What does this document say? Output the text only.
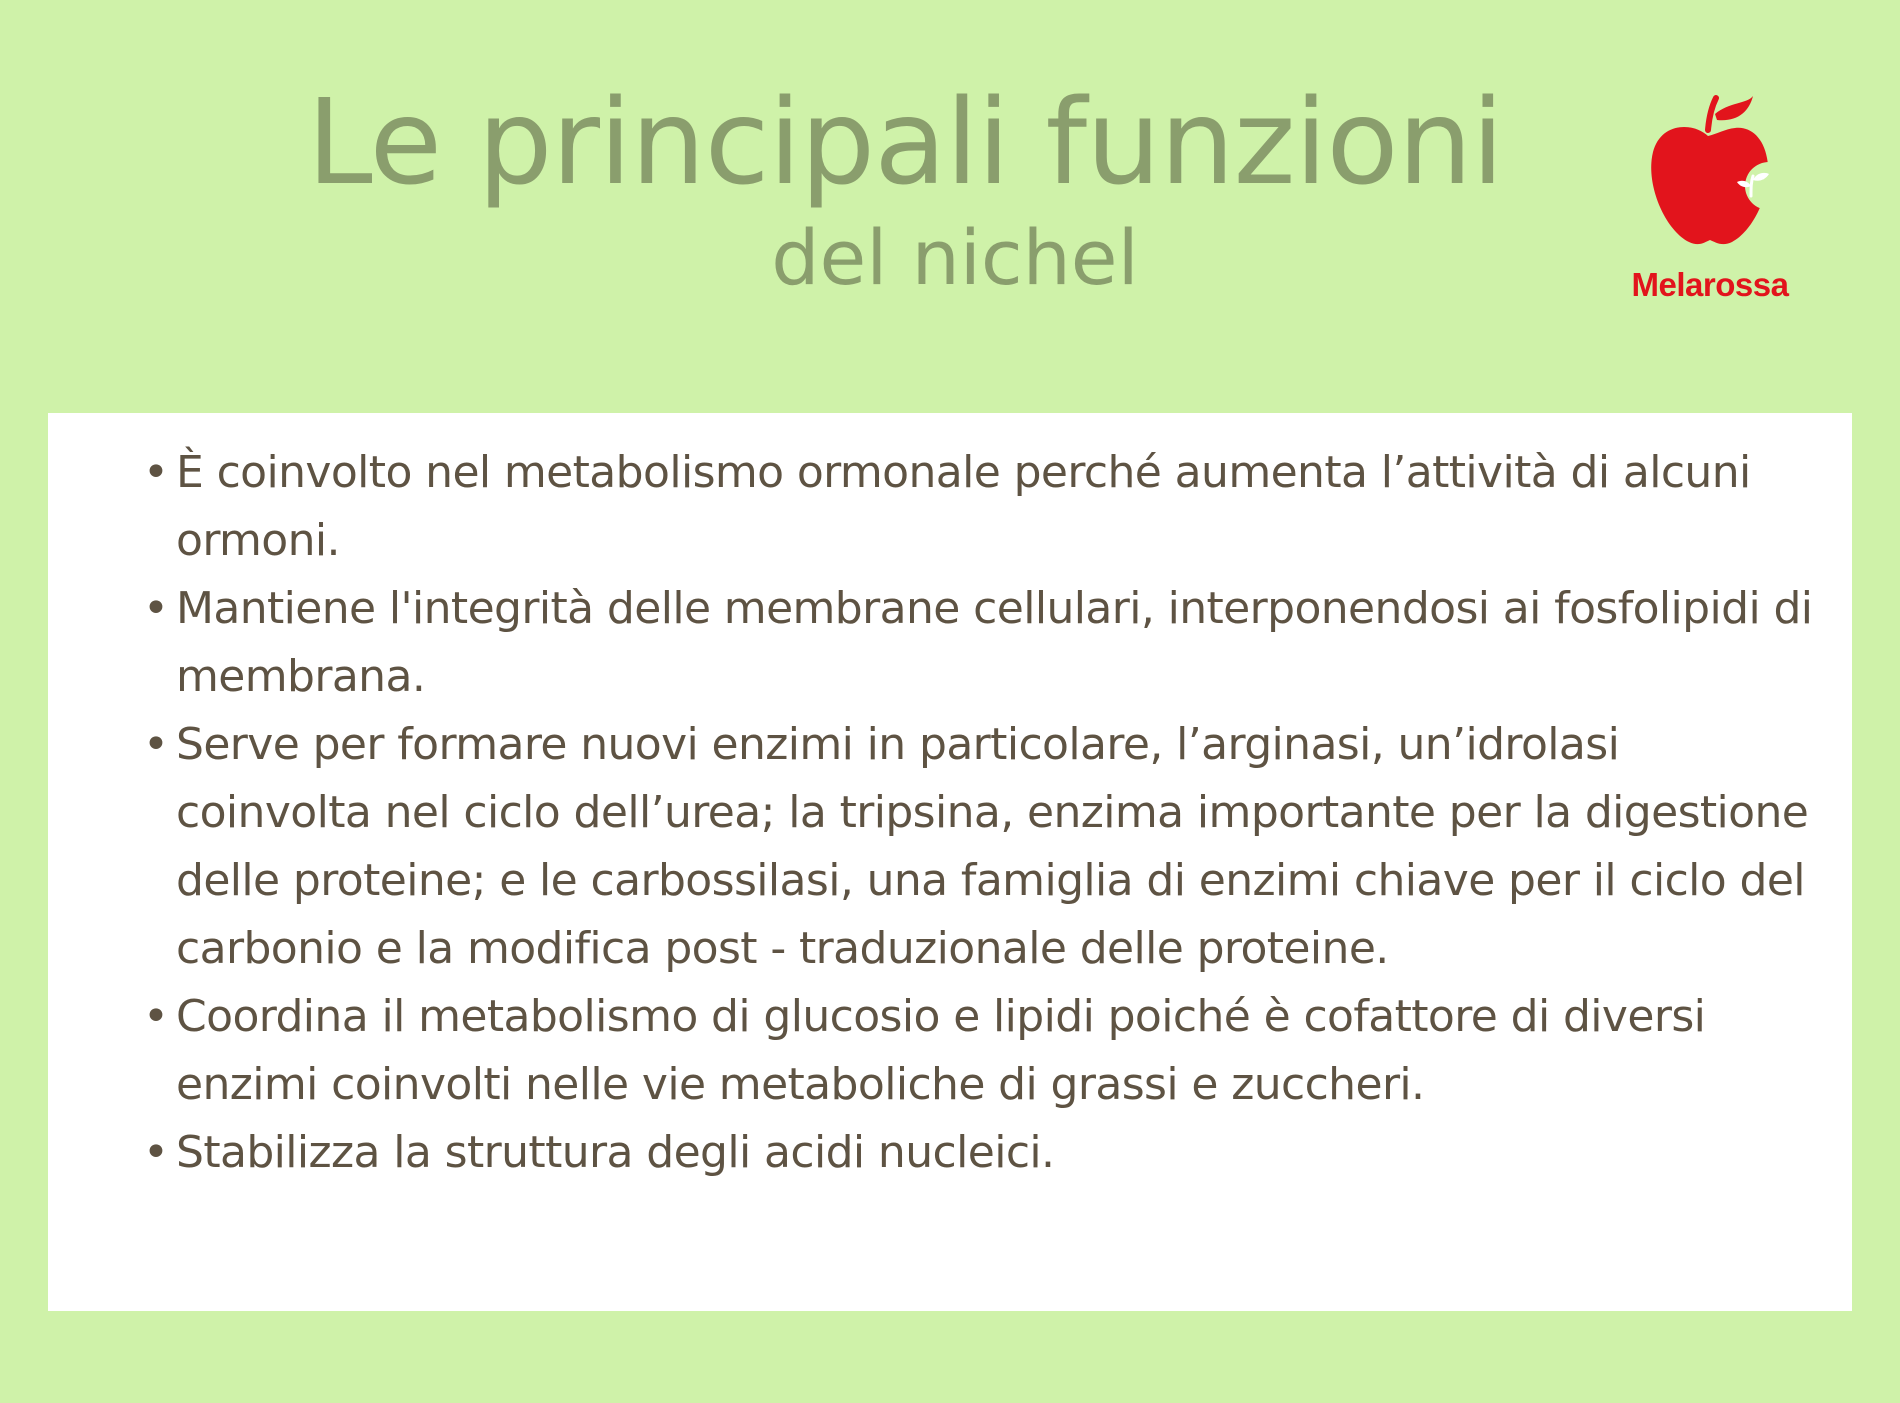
Le principali funzioni
del nichel	Melarossa
• È coinvolto nel metabolismo ormonale perché aumenta l’attività di alcuni ormoni.
• Mantiene l'integrità delle membrane cellulari, interponendosi ai fosfolipidi di membrana.
• Serve per formare nuovi enzimi in particolare, l’arginasi, un’idrolasi coinvolta nel ciclo dell’urea; la tripsina, enzima importante per la digestione delle proteine; e le carbossilasi, una famiglia di enzimi chiave per il ciclo del carbonio e la modifica post - traduzionale delle proteine.
• Coordina il metabolismo di glucosio e lipidi poiché è cofattore di diversi enzimi coinvolti nelle vie metaboliche di grassi e zuccheri.
• Stabilizza la struttura degli acidi nucleici.
